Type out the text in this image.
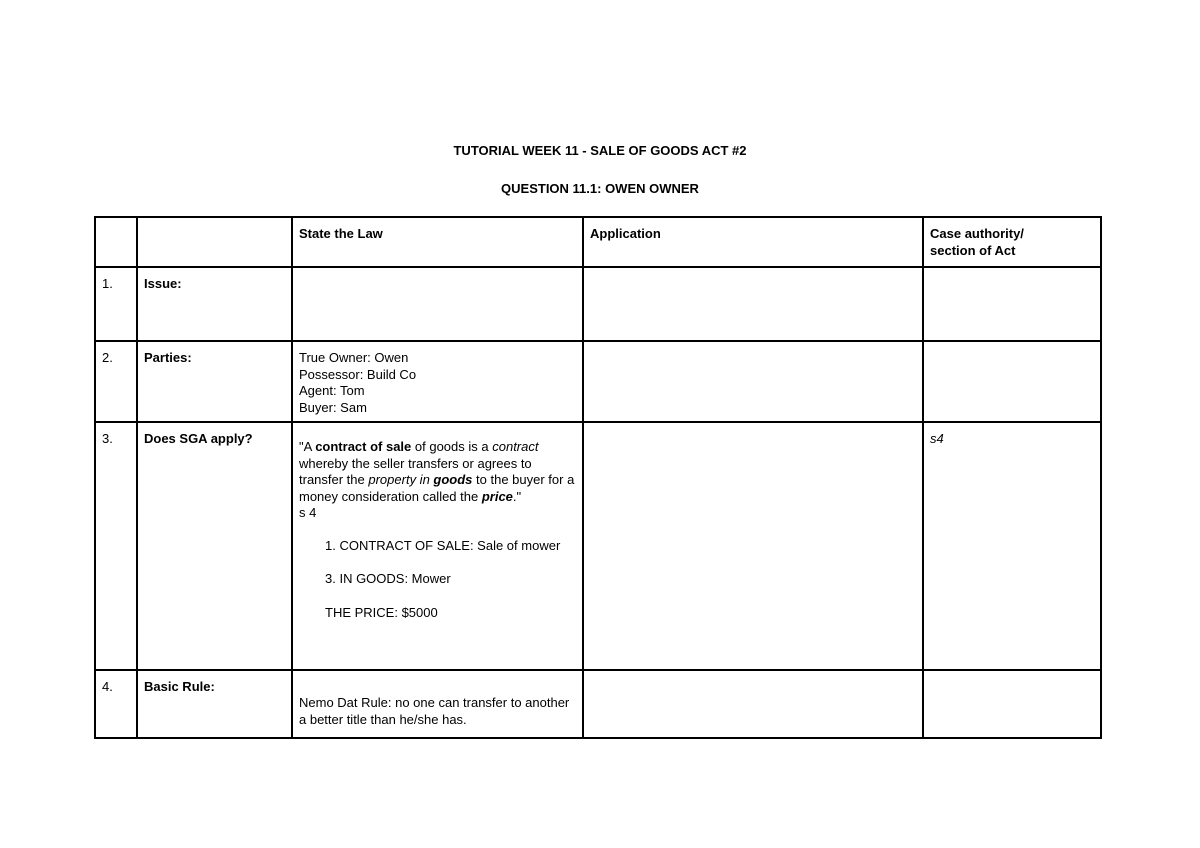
TUTORIAL WEEK 11 - SALE OF GOODS ACT #2
QUESTION 11.1: OWEN OWNER
		State the Law	Application	Case authority/
section of Act

1.	Issue:			
2.	Parties:	True Owner: Owen
Possessor: Build Co
Agent: Tom
Buyer: Sam		

3.	Does SGA apply?	"A contract of sale of goods is a contract whereby the seller transfers or agrees to transfer the property in goods to the buyer for a money consideration called the price."
s 4
1. CONTRACT OF SALE: Sale of mower
3. IN GOODS: Mower
THE PRICE: $5000		s4
4.	Basic Rule:	Nemo Dat Rule: no one can transfer to another a better title than he/she has.		
